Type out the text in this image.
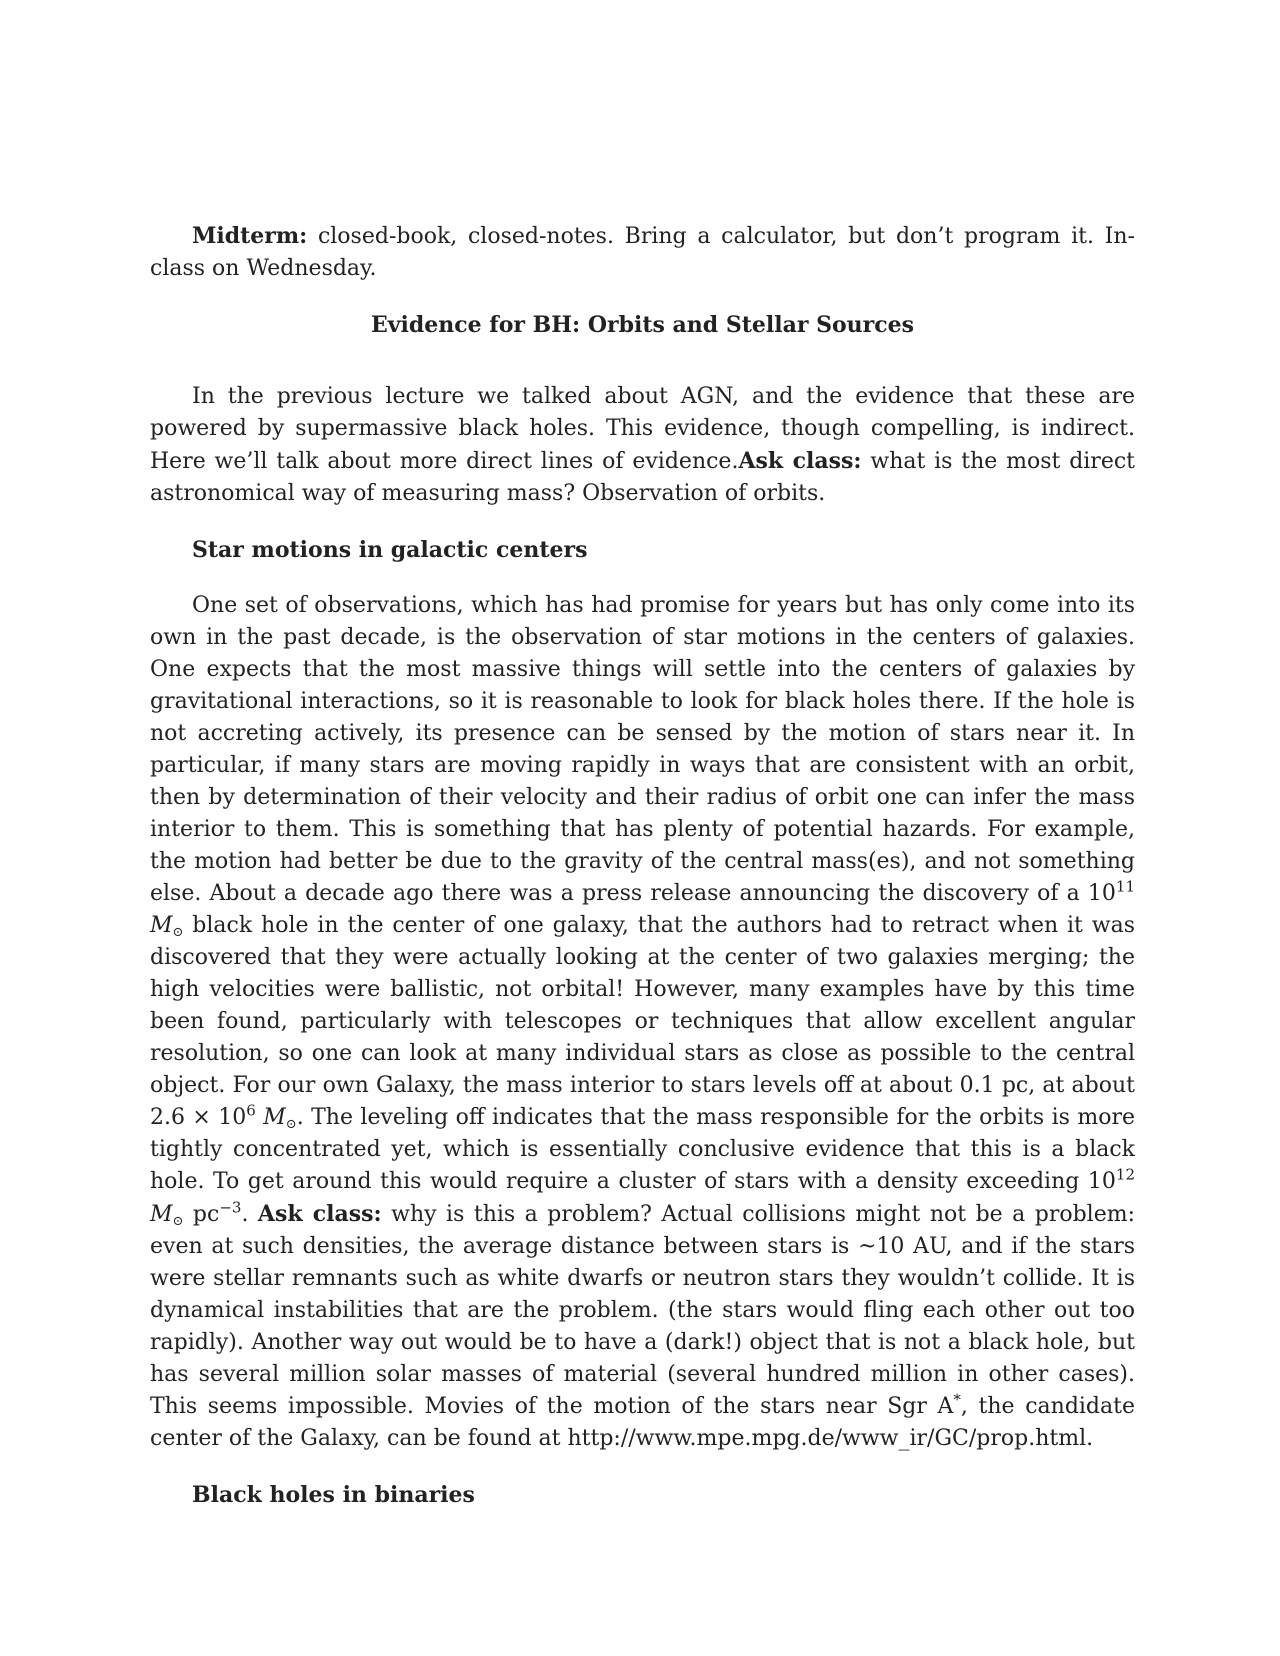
Midterm: closed-book, closed-notes. Bring a calculator, but don’t program it. In-class on Wednesday.

Evidence for BH: Orbits and Stellar Sources

In the previous lecture we talked about AGN, and the evidence that these are powered by supermassive black holes. This evidence, though compelling, is indirect. Here we’ll talk about more direct lines of evidence.Ask class: what is the most direct astronomical way of measuring mass? Observation of orbits.

Star motions in galactic centers

One set of observations, which has had promise for years but has only come into its own in the past decade, is the observation of star motions in the centers of galaxies. One expects that the most massive things will settle into the centers of galaxies by gravitational interactions, so it is reasonable to look for black holes there. If the hole is not accreting actively, its presence can be sensed by the motion of stars near it. In particular, if many stars are moving rapidly in ways that are consistent with an orbit, then by determination of their velocity and their radius of orbit one can infer the mass interior to them. This is something that has plenty of potential hazards. For example, the motion had better be due to the gravity of the central mass(es), and not something else. About a decade ago there was a press release announcing the discovery of a $10^{11}$ $M_⊙$ black hole in the center of one galaxy, that the authors had to retract when it was discovered that they were actually looking at the center of two galaxies merging; the high velocities were ballistic, not orbital! However, many examples have by this time been found, particularly with telescopes or techniques that allow excellent angular resolution, so one can look at many individual stars as close as possible to the central object. For our own Galaxy, the mass interior to stars levels off at about 0.1 pc, at about $2.6 \times 10^6$ $M_⊙$. The leveling off indicates that the mass responsible for the orbits is more tightly concentrated yet, which is essentially conclusive evidence that this is a black hole. To get around this would require a cluster of stars with a density exceeding $10^{12}$ $M_⊙$ $pc^{-3}$. Ask class: why is this a problem? Actual collisions might not be a problem: even at such densities, the average distance between stars is ~10 AU, and if the stars were stellar remnants such as white dwarfs or neutron stars they wouldn’t collide. It is dynamical instabilities that are the problem. (the stars would fling each other out too rapidly). Another way out would be to have a (dark!) object that is not a black hole, but has several million solar masses of material (several hundred million in other cases). This seems impossible. Movies of the motion of the stars near Sgr A*, the candidate center of the Galaxy, can be found at http://www.mpe.mpg.de/www_ir/GC/prop.html.

Black holes in binaries
